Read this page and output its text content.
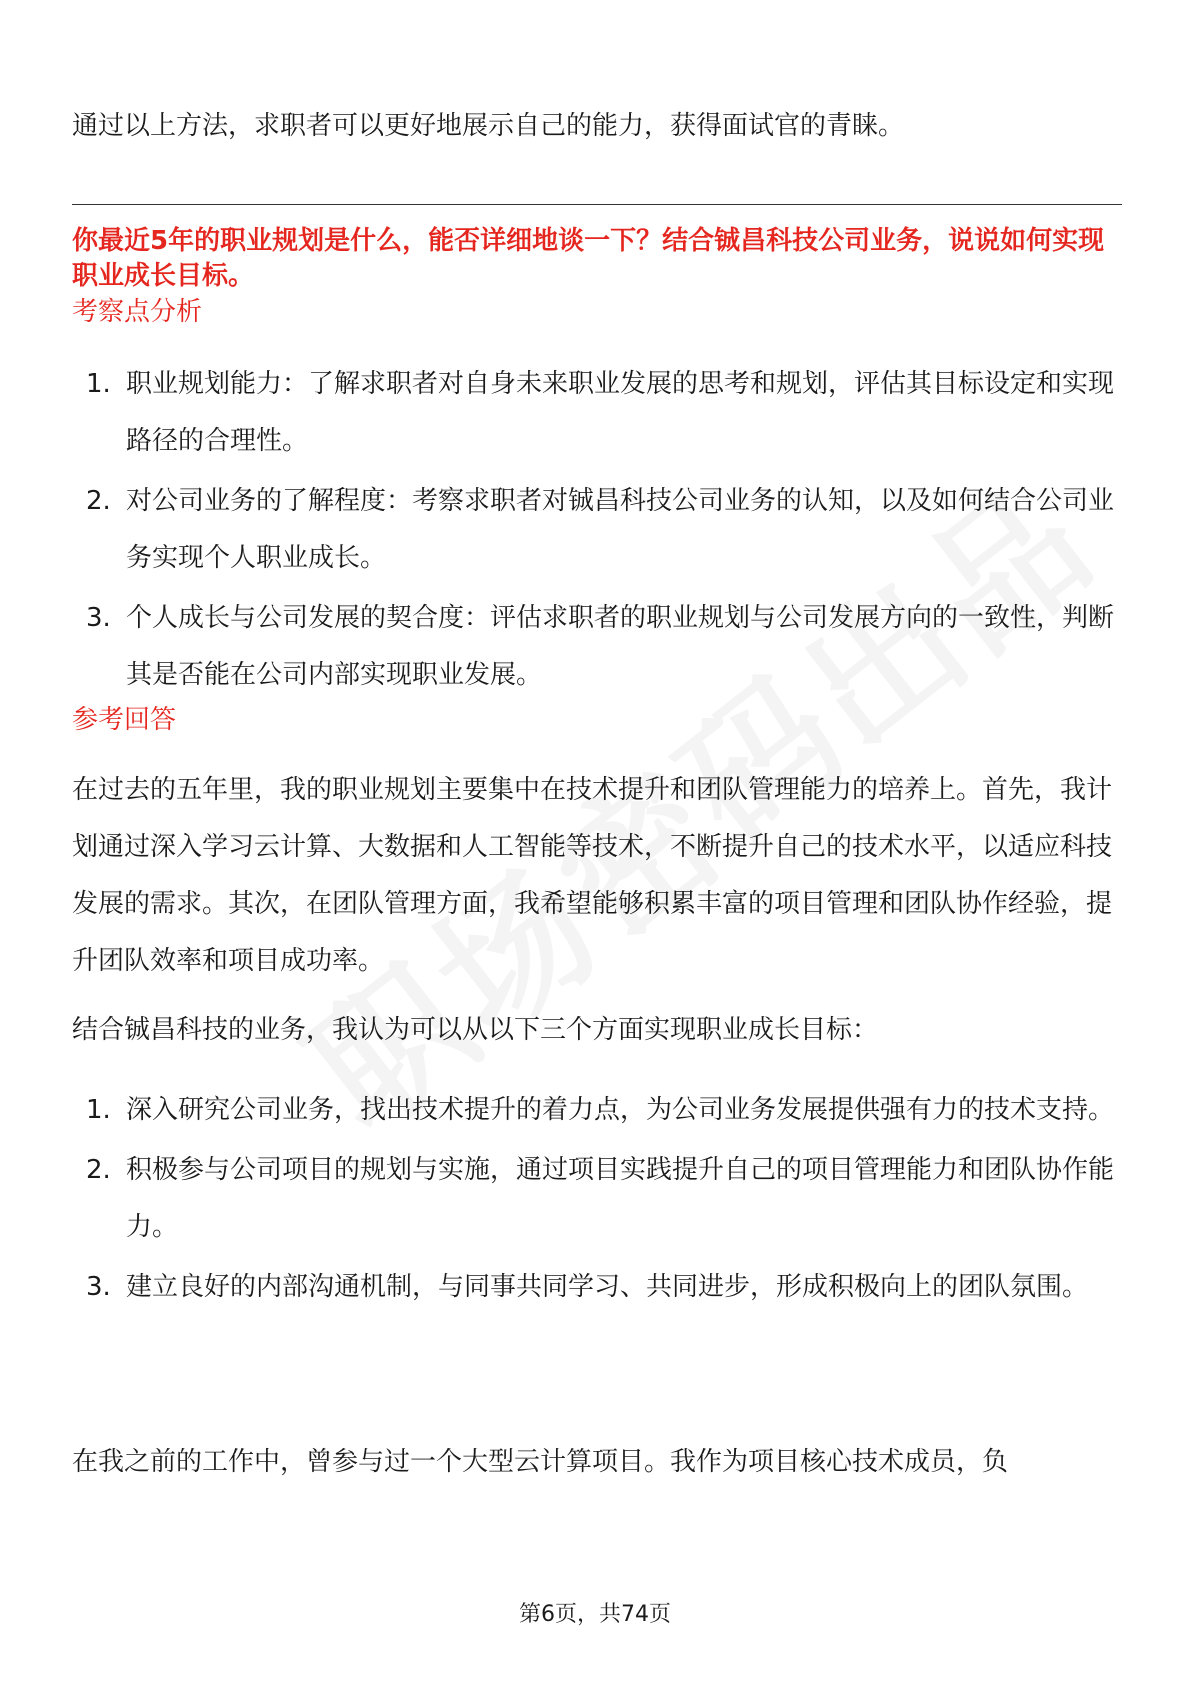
通过以上方法，求职者可以更好地展示自己的能力，获得面试官的青睐。

你最近5年的职业规划是什么，能否详细地谈一下？结合铖昌科技公司业务，说说如何实现职业成长目标。
考察点分析
1. 职业规划能力：了解求职者对自身未来职业发展的思考和规划，评估其目标设定和实现路径的合理性。
2. 对公司业务的了解程度：考察求职者对铖昌科技公司业务的认知，以及如何结合公司业务实现个人职业成长。
3. 个人成长与公司发展的契合度：评估求职者的职业规划与公司发展方向的一致性，判断其是否能在公司内部实现职业发展。
参考回答

在过去的五年里，我的职业规划主要集中在技术提升和团队管理能力的培养上。首先，我计划通过深入学习云计算、大数据和人工智能等技术，不断提升自己的技术水平，以适应科技发展的需求。其次，在团队管理方面，我希望能够积累丰富的项目管理和团队协作经验，提升团队效率和项目成功率。

结合铖昌科技的业务，我认为可以从以下三个方面实现职业成长目标：

1. 深入研究公司业务，找出技术提升的着力点，为公司业务发展提供强有力的技术支持。
2. 积极参与公司项目的规划与实施，通过项目实践提升自己的项目管理能力和团队协作能力。
3. 建立良好的内部沟通机制，与同事共同学习、共同进步，形成积极向上的团队氛围。

在我之前的工作中，曾参与过一个大型云计算项目。我作为项目核心技术成员，负

第6页，共74页
